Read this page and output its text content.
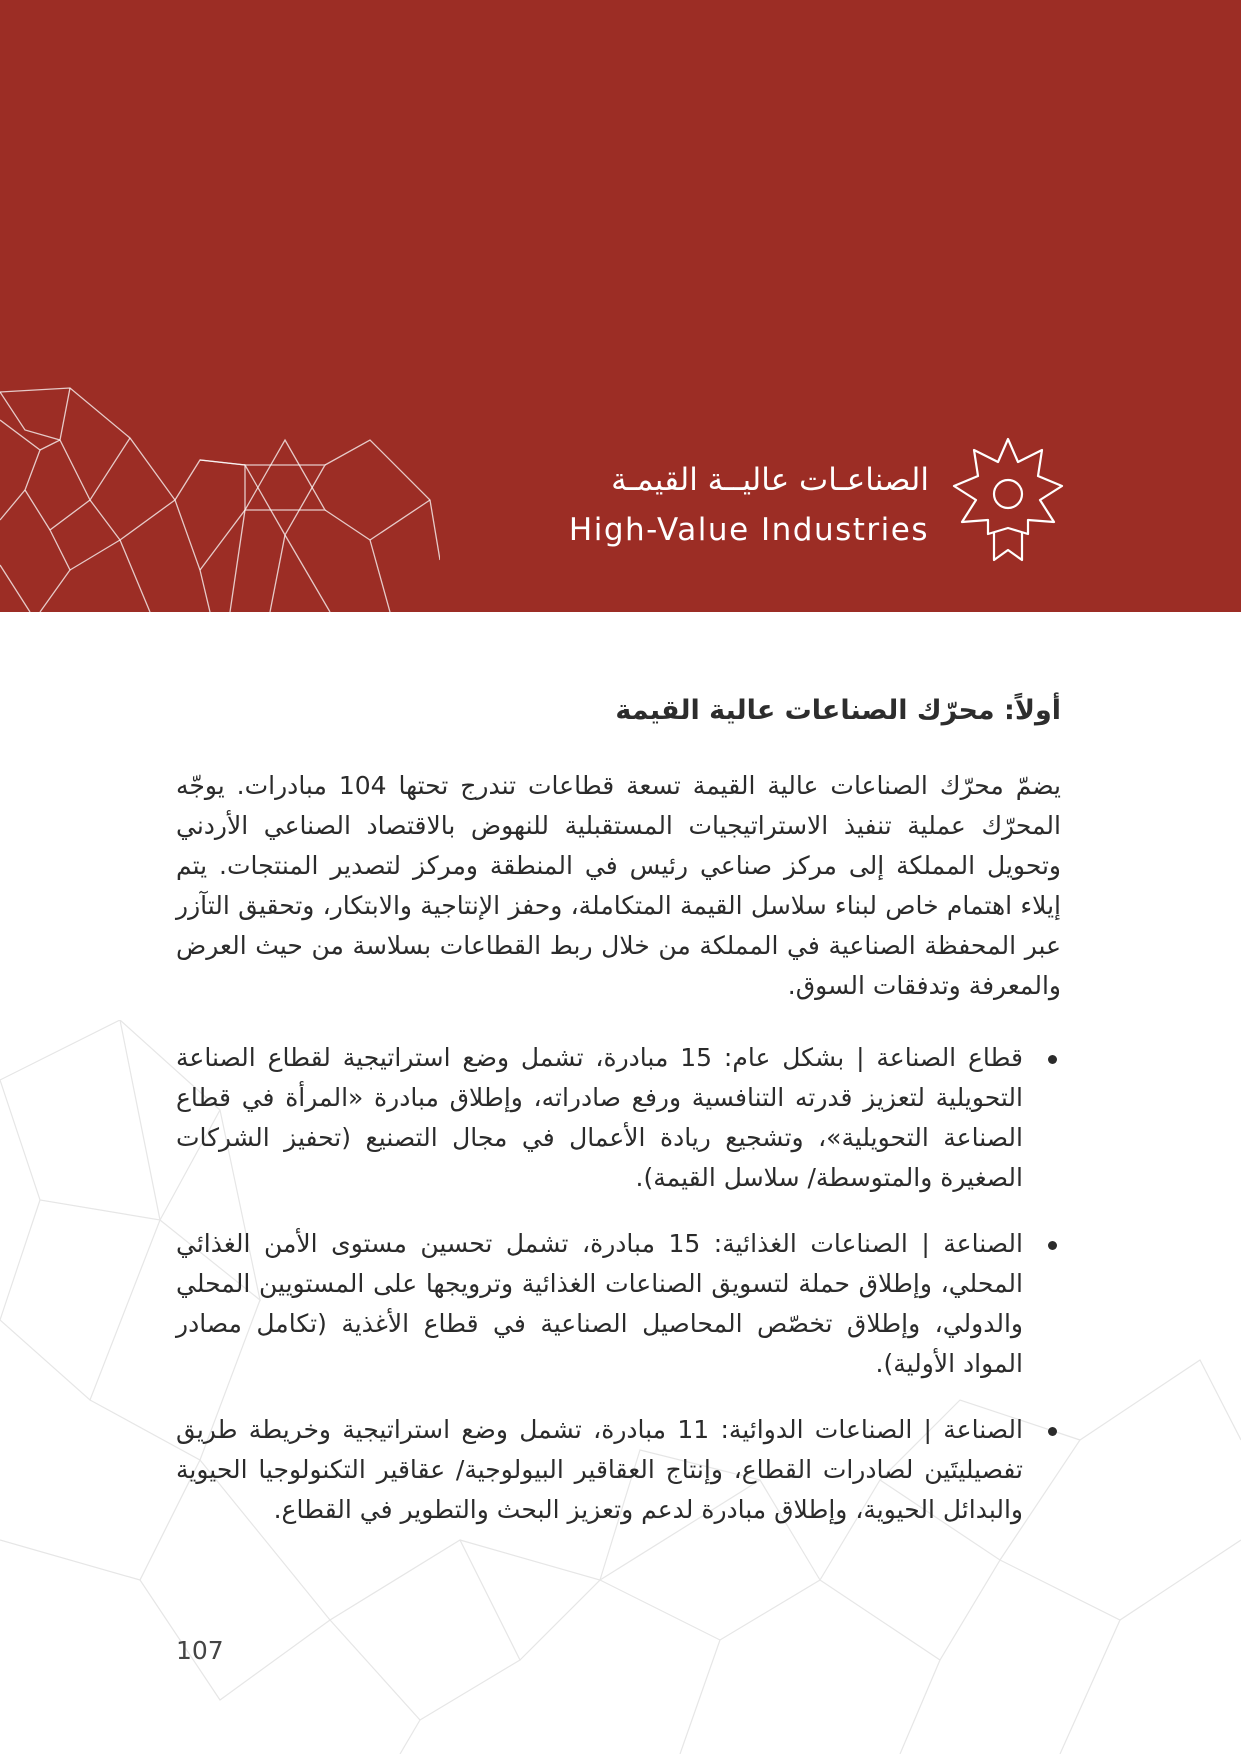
الصناعـات عاليــة القيمـة
High-Value Industries
أولاً: محرّك الصناعات عالية القيمة

يضمّ محرّك الصناعات عالية القيمة تسعة قطاعات تندرج تحتها 104 مبادرات. يوجّه المحرّك عملية تنفيذ الاستراتيجيات المستقبلية للنهوض بالاقتصاد الصناعي الأردني وتحويل المملكة إلى مركز صناعي رئيس في المنطقة ومركز لتصدير المنتجات. يتم إيلاء اهتمام خاص لبناء سلاسل القيمة المتكاملة، وحفز الإنتاجية والابتكار، وتحقيق التآزر عبر المحفظة الصناعية في المملكة من خلال ربط القطاعات بسلاسة من حيث العرض والمعرفة وتدفقات السوق.

قطاع الصناعة | بشكل عام: 15 مبادرة، تشمل وضع استراتيجية لقطاع الصناعة التحويلية لتعزيز قدرته التنافسية ورفع صادراته، وإطلاق مبادرة «المرأة في قطاع الصناعة التحويلية»، وتشجيع ريادة الأعمال في مجال التصنيع (تحفيز الشركات الصغيرة والمتوسطة/ سلاسل القيمة).
الصناعة | الصناعات الغذائية: 15 مبادرة، تشمل تحسين مستوى الأمن الغذائي المحلي، وإطلاق حملة لتسويق الصناعات الغذائية وترويجها على المستويين المحلي والدولي، وإطلاق تخصّص المحاصيل الصناعية في قطاع الأغذية (تكامل مصادر المواد الأولية).
الصناعة | الصناعات الدوائية: 11 مبادرة، تشمل وضع استراتيجية وخريطة طريق تفصيليتَين لصادرات القطاع، وإنتاج العقاقير البيولوجية/ عقاقير التكنولوجيا الحيوية والبدائل الحيوية، وإطلاق مبادرة لدعم وتعزيز البحث والتطوير في القطاع.
107
